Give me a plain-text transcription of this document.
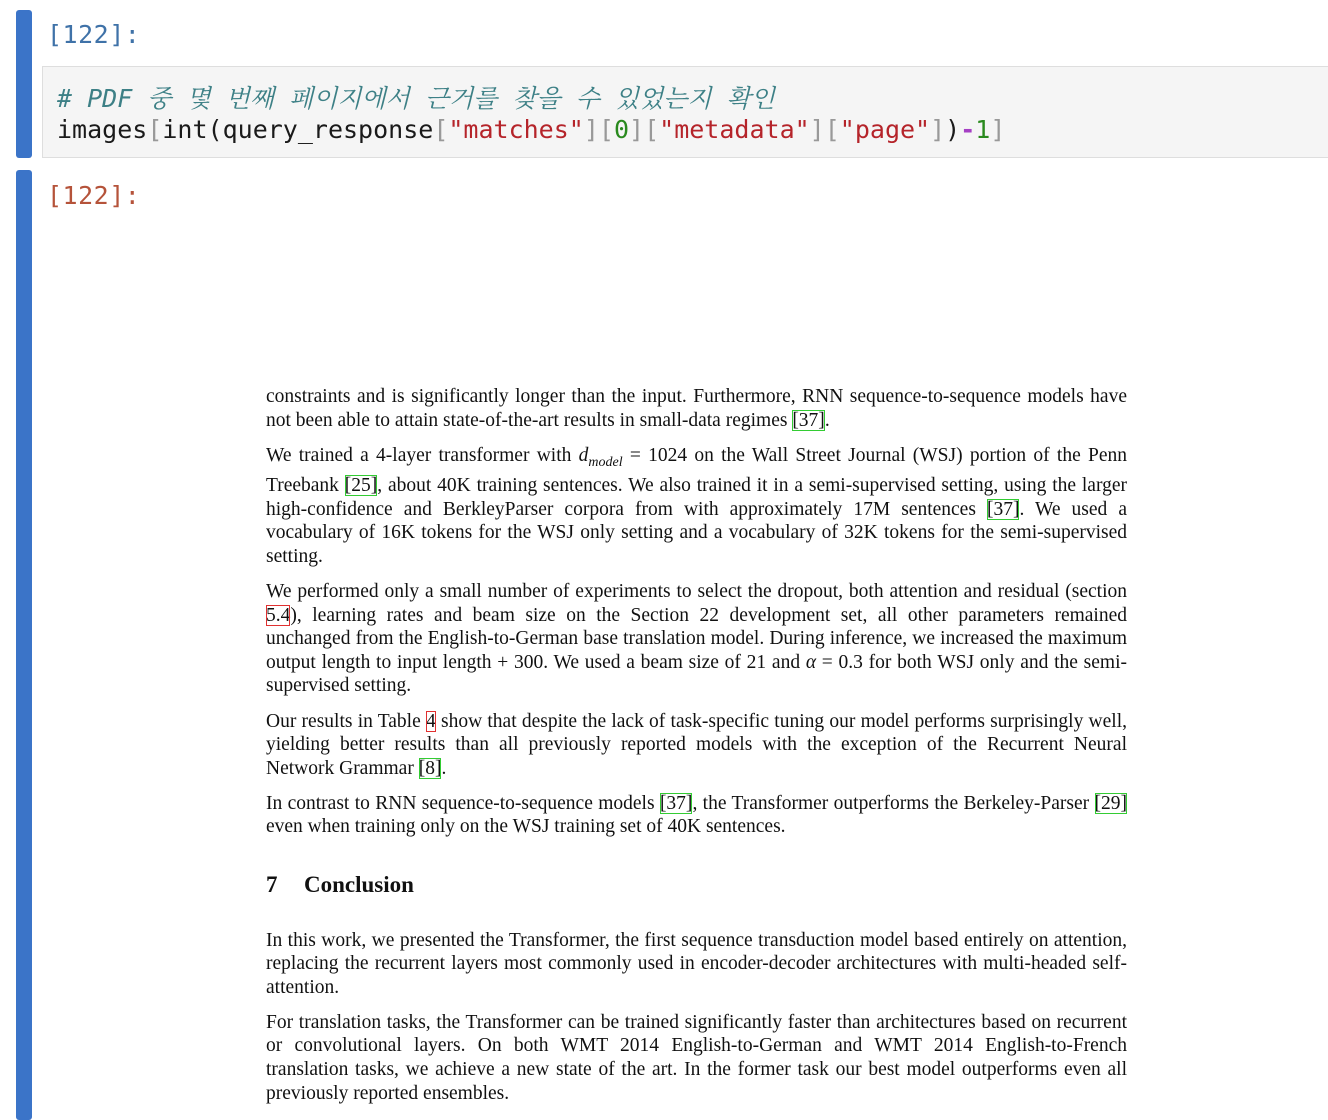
[122]:
# PDF 중 몇 번째 페이지에서 근거를 찾을 수 있었는지 확인
images[int(query_response["matches"][0]["metadata"]["page"])-1]
[122]:

constraints and is significantly longer than the input. Furthermore, RNN sequence-to-sequence models have not been able to attain state-of-the-art results in small-data regimes [37].

We trained a 4-layer transformer with $d_{model} = 1024$ on the Wall Street Journal (WSJ) portion of the Penn Treebank [25], about 40K training sentences. We also trained it in a semi-supervised setting, using the larger high-confidence and BerkleyParser corpora from with approximately 17M sentences [37]. We used a vocabulary of 16K tokens for the WSJ only setting and a vocabulary of 32K tokens for the semi-supervised setting.

We performed only a small number of experiments to select the dropout, both attention and residual (section 5.4), learning rates and beam size on the Section 22 development set, all other parameters remained unchanged from the English-to-German base translation model. During inference, we increased the maximum output length to input length + 300. We used a beam size of 21 and α = 0.3 for both WSJ only and the semi-supervised setting.

Our results in Table 4 show that despite the lack of task-specific tuning our model performs surprisingly well, yielding better results than all previously reported models with the exception of the Recurrent Neural Network Grammar [8].

In contrast to RNN sequence-to-sequence models [37], the Transformer outperforms the Berkeley-Parser [29] even when training only on the WSJ training set of 40K sentences.

7 Conclusion

In this work, we presented the Transformer, the first sequence transduction model based entirely on attention, replacing the recurrent layers most commonly used in encoder-decoder architectures with multi-headed self-attention.

For translation tasks, the Transformer can be trained significantly faster than architectures based on recurrent or convolutional layers. On both WMT 2014 English-to-German and WMT 2014 English-to-French translation tasks, we achieve a new state of the art. In the former task our best model outperforms even all previously reported ensembles.
